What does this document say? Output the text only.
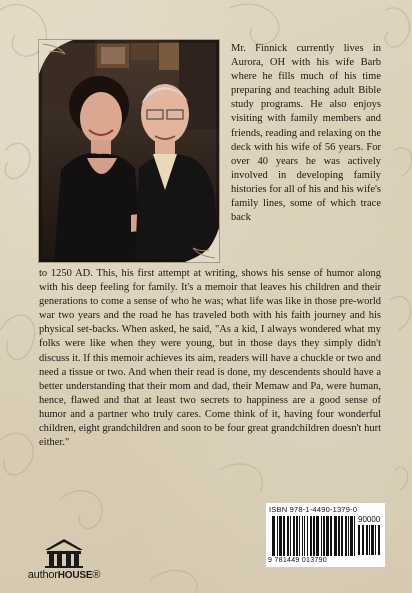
Mr. Finnick currently lives in Aurora, OH with his wife Barb where he fills much of his time preparing and teaching adult Bible study programs. He also enjoys visiting with family members and friends, reading and relaxing on the deck with his wife of 56 years. For over 40 years he was actively involved in developing family histories for all of his and his wife's family lines, some of which trace back

to 1250 AD. This, his first attempt at writing, shows his sense of humor along with his deep feeling for family. It's a memoir that leaves his children and their generations to come a sense of who he was; what life was like in those pre-world war two years and the road he has traveled both with his faith journey and his physical set-backs. When asked, he said, "As a kid, I always wondered what my folks were like when they were young, but in those days they simply didn't discuss it. If this memoir achieves its aim, readers will have a chuckle or two and need a tissue or two. And when their read is done, my descendents should have a better understanding that their mom and dad, their Memaw and Pa, were human, hence, flawed and that at least two secrets to happiness are a good sense of humor and a partner who truly cares. Come think of it, having four wonderful children, eight grandchildren and soon to be four great grandchildren doesn't hurt either."

ISBN 978-1-4490-1379-0
90000
9 781449 013790
authorHOUSE®
